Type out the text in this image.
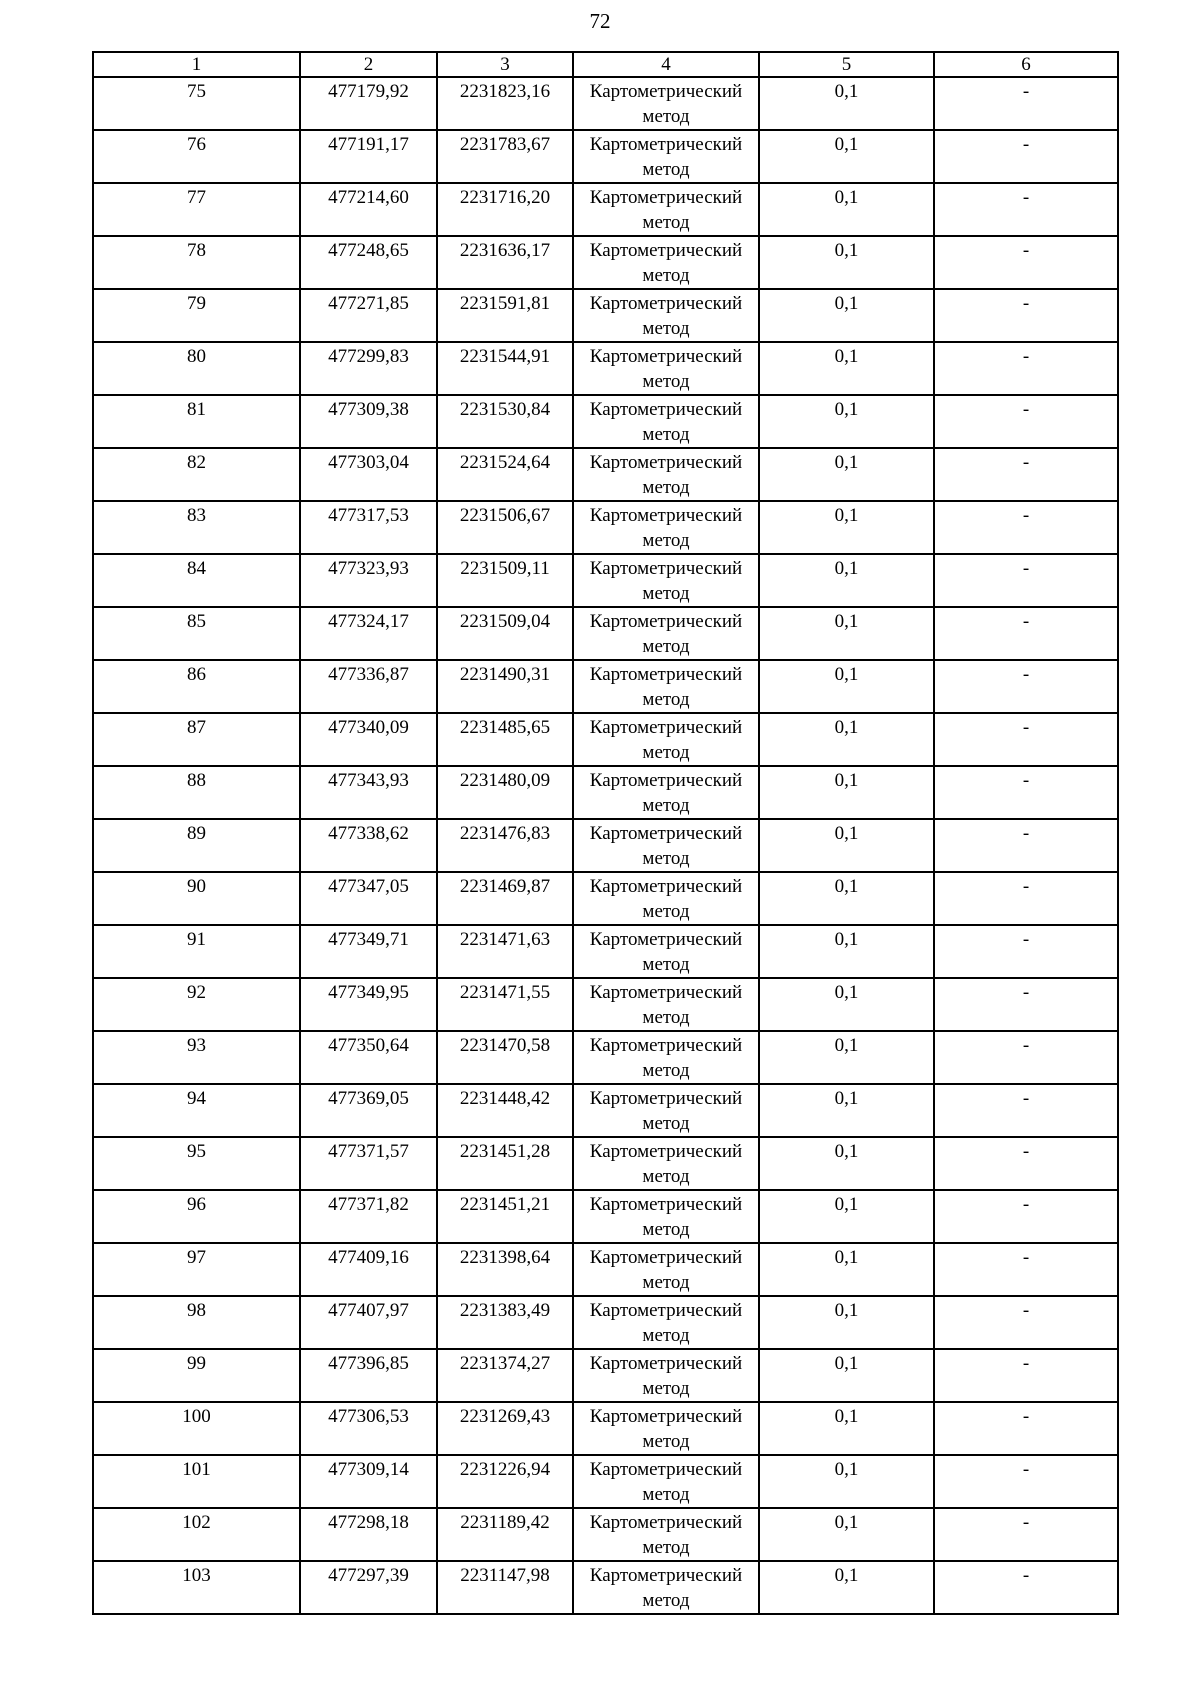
72
1	2	3	4	5	6
75	477179,92	2231823,16	Картометрический метод	0,1	-
76	477191,17	2231783,67	Картометрический метод	0,1	-
77	477214,60	2231716,20	Картометрический метод	0,1	-
78	477248,65	2231636,17	Картометрический метод	0,1	-
79	477271,85	2231591,81	Картометрический метод	0,1	-
80	477299,83	2231544,91	Картометрический метод	0,1	-
81	477309,38	2231530,84	Картометрический метод	0,1	-
82	477303,04	2231524,64	Картометрический метод	0,1	-
83	477317,53	2231506,67	Картометрический метод	0,1	-
84	477323,93	2231509,11	Картометрический метод	0,1	-
85	477324,17	2231509,04	Картометрический метод	0,1	-
86	477336,87	2231490,31	Картометрический метод	0,1	-
87	477340,09	2231485,65	Картометрический метод	0,1	-
88	477343,93	2231480,09	Картометрический метод	0,1	-
89	477338,62	2231476,83	Картометрический метод	0,1	-
90	477347,05	2231469,87	Картометрический метод	0,1	-
91	477349,71	2231471,63	Картометрический метод	0,1	-
92	477349,95	2231471,55	Картометрический метод	0,1	-
93	477350,64	2231470,58	Картометрический метод	0,1	-
94	477369,05	2231448,42	Картометрический метод	0,1	-
95	477371,57	2231451,28	Картометрический метод	0,1	-
96	477371,82	2231451,21	Картометрический метод	0,1	-
97	477409,16	2231398,64	Картометрический метод	0,1	-
98	477407,97	2231383,49	Картометрический метод	0,1	-
99	477396,85	2231374,27	Картометрический метод	0,1	-
100	477306,53	2231269,43	Картометрический метод	0,1	-
101	477309,14	2231226,94	Картометрический метод	0,1	-
102	477298,18	2231189,42	Картометрический метод	0,1	-
103	477297,39	2231147,98	Картометрический метод	0,1	-
